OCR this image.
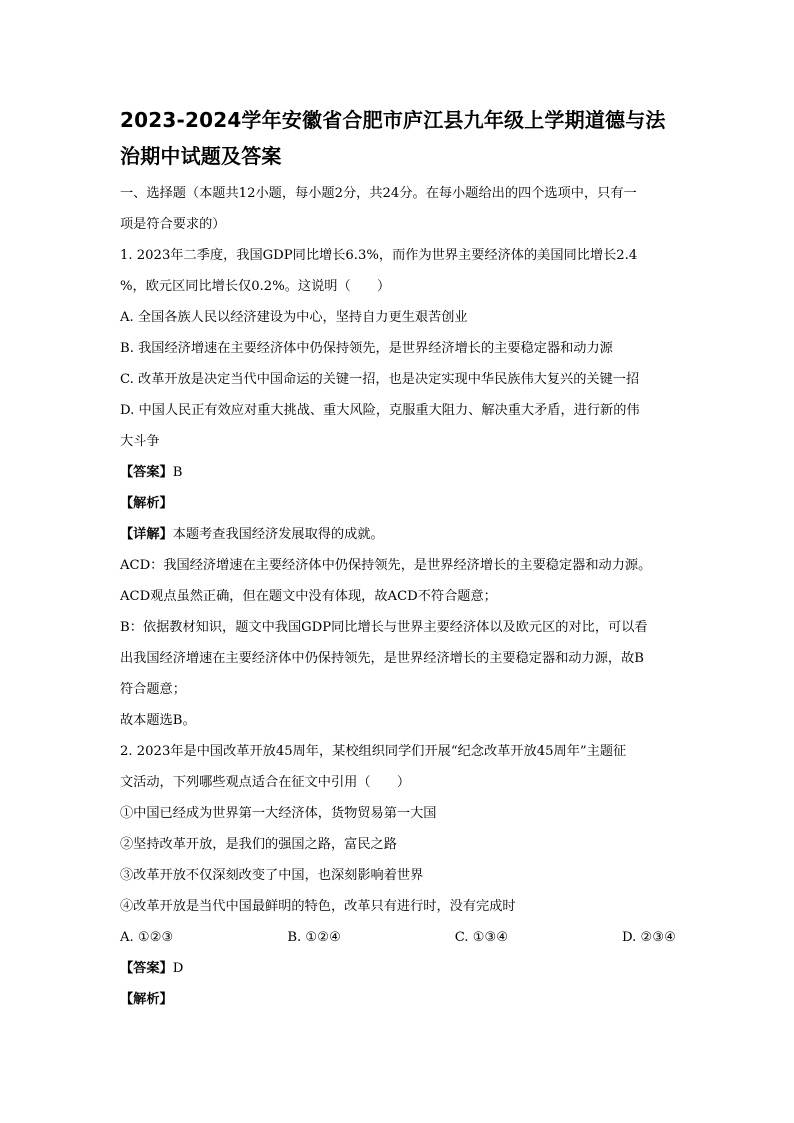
2023-2024学年安徽省合肥市庐江县九年级上学期道德与法
治期中试题及答案

一、选择题（本题共12小题，每小题2分，共24分。在每小题给出的四个选项中，只有一

项是符合要求的）

1. 2023年二季度，我国GDP同比增长6.3%，而作为世界主要经济体的美国同比增长2.4

%，欧元区同比增长仅0.2%。这说明（　　）

A. 全国各族人民以经济建设为中心，坚持自力更生艰苦创业

B. 我国经济增速在主要经济体中仍保持领先，是世界经济增长的主要稳定器和动力源

C. 改革开放是决定当代中国命运的关键一招，也是决定实现中华民族伟大复兴的关键一招

D. 中国人民正有效应对重大挑战、重大风险，克服重大阻力、解决重大矛盾，进行新的伟

大斗争

【答案】B

【解析】

【详解】本题考查我国经济发展取得的成就。

ACD：我国经济增速在主要经济体中仍保持领先，是世界经济增长的主要稳定器和动力源。

ACD观点虽然正确，但在题文中没有体现，故ACD不符合题意；

B：依据教材知识，题文中我国GDP同比增长与世界主要经济体以及欧元区的对比，可以看

出我国经济增速在主要经济体中仍保持领先，是世界经济增长的主要稳定器和动力源，故B

符合题意；

故本题选B。

2. 2023年是中国改革开放45周年，某校组织同学们开展“纪念改革开放45周年”主题征

文活动，下列哪些观点适合在征文中引用（　　）

①中国已经成为世界第一大经济体，货物贸易第一大国

②坚持改革开放，是我们的强国之路，富民之路

③改革开放不仅深刻改变了中国，也深刻影响着世界

④改革开放是当代中国最鲜明的特色，改革只有进行时，没有完成时

A. ①②③	B. ①②④	C. ①③④	D. ②③④

【答案】D

【解析】
